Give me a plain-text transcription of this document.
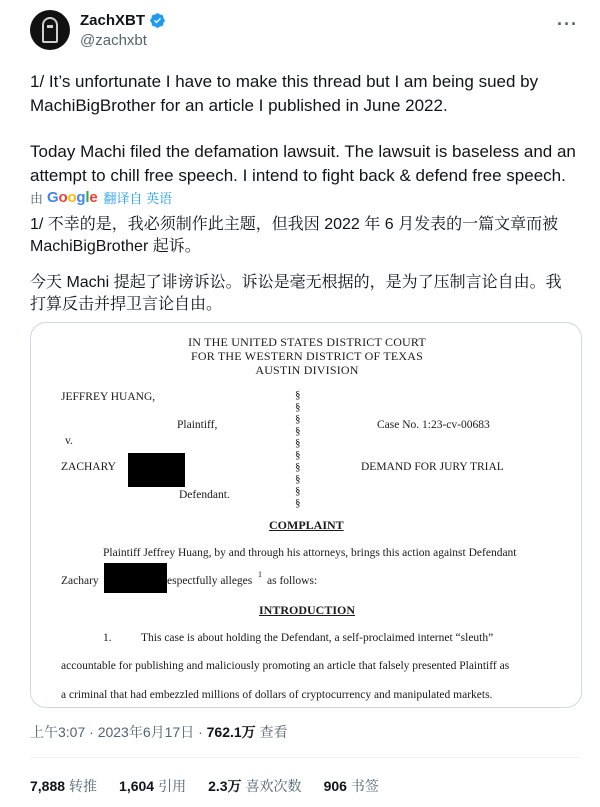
ZachXBT
@zachxbt
···
1/ It’s unfortunate I have to make this thread but I am being sued by
MachiBigBrother for an article I published in June 2022.
Today Machi filed the defamation lawsuit. The lawsuit is baseless and an
attempt to chill free speech. I intend to fight back & defend free speech.
由 Google 翻译自 英语
1/ 不幸的是，我必须制作此主题，但我因 2022 年 6 月发表的一篇文章而被
MachiBigBrother 起诉。
今天 Machi 提起了诽谤诉讼。诉讼是毫无根据的，是为了压制言论自由。我
打算反击并捍卫言论自由。
IN THE UNITED STATES DISTRICT COURT
FOR THE WESTERN DISTRICT OF TEXAS
AUSTIN DIVISION
JEFFREY HUANG,
Plaintiff,
v.
ZACHARY
Defendant.
§
§
§
§
§
§
§
§
§
§
Case No. 1:23-cv-00683
DEMAND FOR JURY TRIAL
COMPLAINT
Plaintiff Jeffrey Huang, by and through his attorneys, brings this action against Defendant
Zachary	espectfully alleges
1
as follows:
INTRODUCTION
1.	This case is about holding the Defendant, a self-proclaimed internet “sleuth”
accountable for publishing and maliciously promoting an article that falsely presented Plaintiff as
a criminal that had embezzled millions of dollars of cryptocurrency and manipulated markets.
上午3:07 · 2023年6月17日 · 762.1万 查看
7,888 转推 1,604 引用 2.3万 喜欢次数 906 书签
